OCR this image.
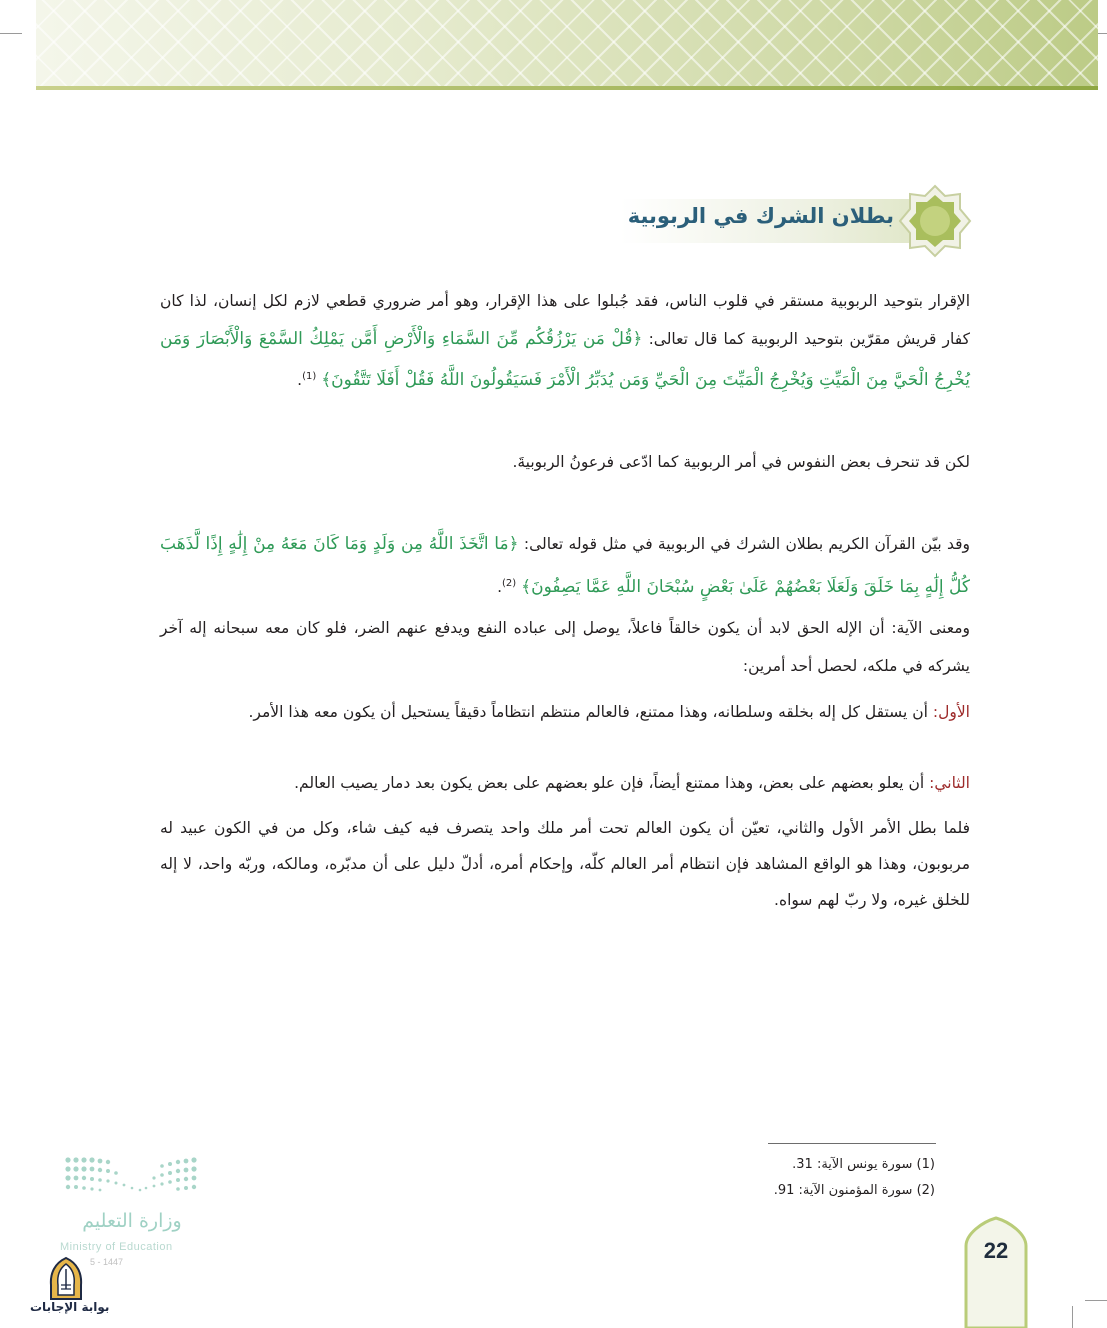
بطلان الشرك في الربوبية

الإقرار بتوحيد الربوبية مستقر في قلوب الناس، فقد جُبلوا على هذا الإقرار، وهو أمر ضروري قطعي لازم لكل إنسان، لذا كان كفار قريش مقرّين بتوحيد الربوبية كما قال تعالى: ﴿قُلْ مَن يَرْزُقُكُم مِّنَ السَّمَاءِ وَالْأَرْضِ أَمَّن يَمْلِكُ السَّمْعَ وَالْأَبْصَارَ وَمَن يُخْرِجُ الْحَيَّ مِنَ الْمَيِّتِ وَيُخْرِجُ الْمَيِّتَ مِنَ الْحَيِّ وَمَن يُدَبِّرُ الْأَمْرَ فَسَيَقُولُونَ اللَّهُ فَقُلْ أَفَلَا تَتَّقُونَ﴾ $^{(1)}$.

لكن قد تنحرف بعض النفوس في أمر الربوبية كما ادّعى فرعونُ الربوبيةَ.

وقد بيّن القرآن الكريم بطلان الشرك في الربوبية في مثل قوله تعالى: ﴿مَا اتَّخَذَ اللَّهُ مِن وَلَدٍ وَمَا كَانَ مَعَهُ مِنْ إِلَٰهٍ إِذًا لَّذَهَبَ كُلُّ إِلَٰهٍ بِمَا خَلَقَ وَلَعَلَا بَعْضُهُمْ عَلَىٰ بَعْضٍ سُبْحَانَ اللَّهِ عَمَّا يَصِفُونَ﴾ $^{(2)}$.

ومعنى الآية: أن الإله الحق لابد أن يكون خالقاً فاعلاً، يوصل إلى عباده النفع ويدفع عنهم الضر، فلو كان معه سبحانه إله آخر يشركه في ملكه، لحصل أحد أمرين:

الأول: أن يستقل كل إله بخلقه وسلطانه، وهذا ممتنع، فالعالم منتظم انتظاماً دقيقاً يستحيل أن يكون معه هذا الأمر.

الثاني: أن يعلو بعضهم على بعض، وهذا ممتنع أيضاً، فإن علو بعضهم على بعض يكون بعد دمار يصيب العالم.

فلما بطل الأمر الأول والثاني، تعيّن أن يكون العالم تحت أمر ملك واحد يتصرف فيه كيف شاء، وكل من في الكون عبيد له مربوبون، وهذا هو الواقع المشاهد فإن انتظام أمر العالم كلّه، وإحكام أمره، أدلّ دليل على أن مدبّره، ومالكه، وربّه واحد، لا إله للخلق غيره، ولا ربّ لهم سواه.

(1) سورة يونس الآية: 31.
(2) سورة المؤمنون الآية: 91.
وزارة التعليم
Ministry of Education
5 - 1447
بوابة الإجابات
22
